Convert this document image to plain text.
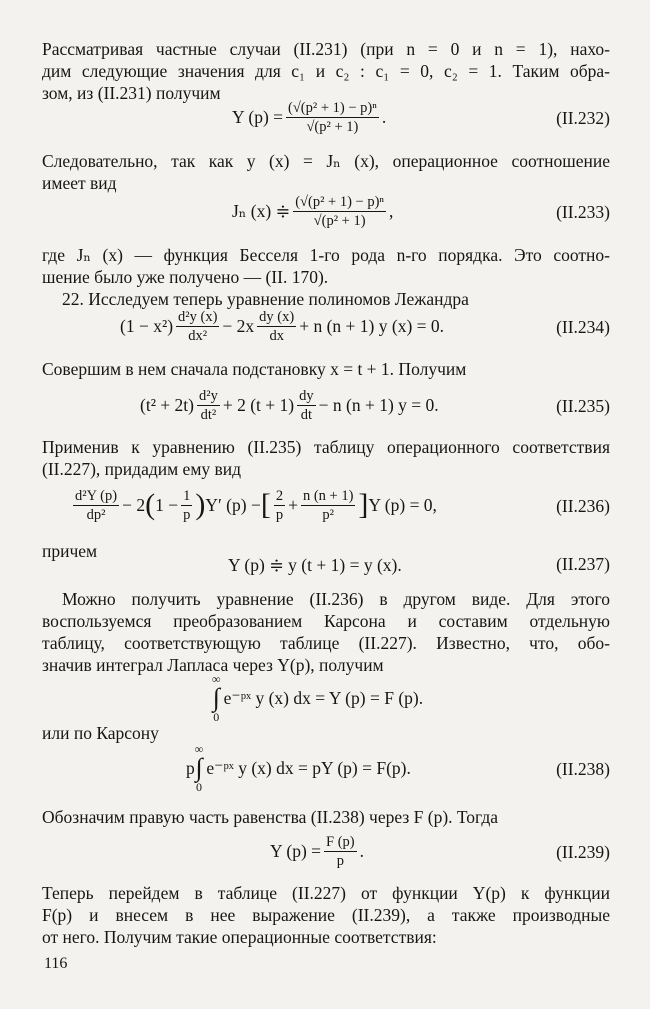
Рассматривая частные случаи (II.231) (при n = 0 и n = 1), нахо-
дим следующие значения для c₁ и c₂ : c₁ = 0, c₂ = 1. Таким обра-
зом, из (II.231) получим
Y $(p) = \frac{\text{(√(p² + 1) − p)ⁿ}}{\text{√(p² + 1)}}$ .	(II.232)
Следовательно, так как y (x) = Jₙ (x), операционное соотношение
имеет вид
Jₙ (x) ≑ $\frac{\text{(√(p² + 1) − p)ⁿ}}{\text{√(p² + 1)}}$ ,	(II.233)
где Jₙ (x) — функция Бесселя 1-го рода n-го порядка. Это соотно-
шение было уже получено — (II. 170).
22. Исследуем теперь уравнение полиномов Лежандра
$(1 - x^2) \frac{\text{d²y (x)}}{\text{dx²}} - 2x \frac{dy (x)}{dx} + n$ (n + 1) y (x) = 0.	(II.234)
Совершим в нем сначала подстановку x = t + 1. Получим
$(t^2 + 2t) \frac{\text{d²y}}{\text{dt²}} + 2$ $(t + 1) \frac{dy}{dt} - n$ (n + 1) y = 0.	(II.235)
Применив к уравнению (II.235) таблицу операционного соответствия
(II.227), придадим ему вид
$\frac{\text{d²Y (p)}}{\text{dp²}} - 2$ ( $1 - \frac{1}{p}$ ) Y′ (p) − [ $\frac{2}{p} + \frac{n (n + 1)}{\text{p²}}$ ] Y (p) = 0,	(II.236)
причем
Y (p) ≑ y (t + 1) = y (x).	(II.237)
Можно получить уравнение (II.236) в другом виде. Для этого
воспользуемся преобразованием Карсона и составим отдельную
таблицу, соответствующую таблице (II.227). Известно, что, обо-
значив интеграл Лапласа через Y(p), получим
∞
∫
0
e⁻ᵖˣ y (x) dx = Y (p) = F (p).
или по Карсону
p
∞
∫
0
e⁻ᵖˣ y (x) dx = pY (p) = F(p).	(II.238)
Обозначим правую часть равенства (II.238) через F (p). Тогда
Y $(p) = \frac{F (p)}{p}$ .	(II.239)
Теперь перейдем в таблице (II.227) от функции Y(p) к функции
F(p) и внесем в нее выражение (II.239), а также производные
от него. Получим такие операционные соответствия:
116
